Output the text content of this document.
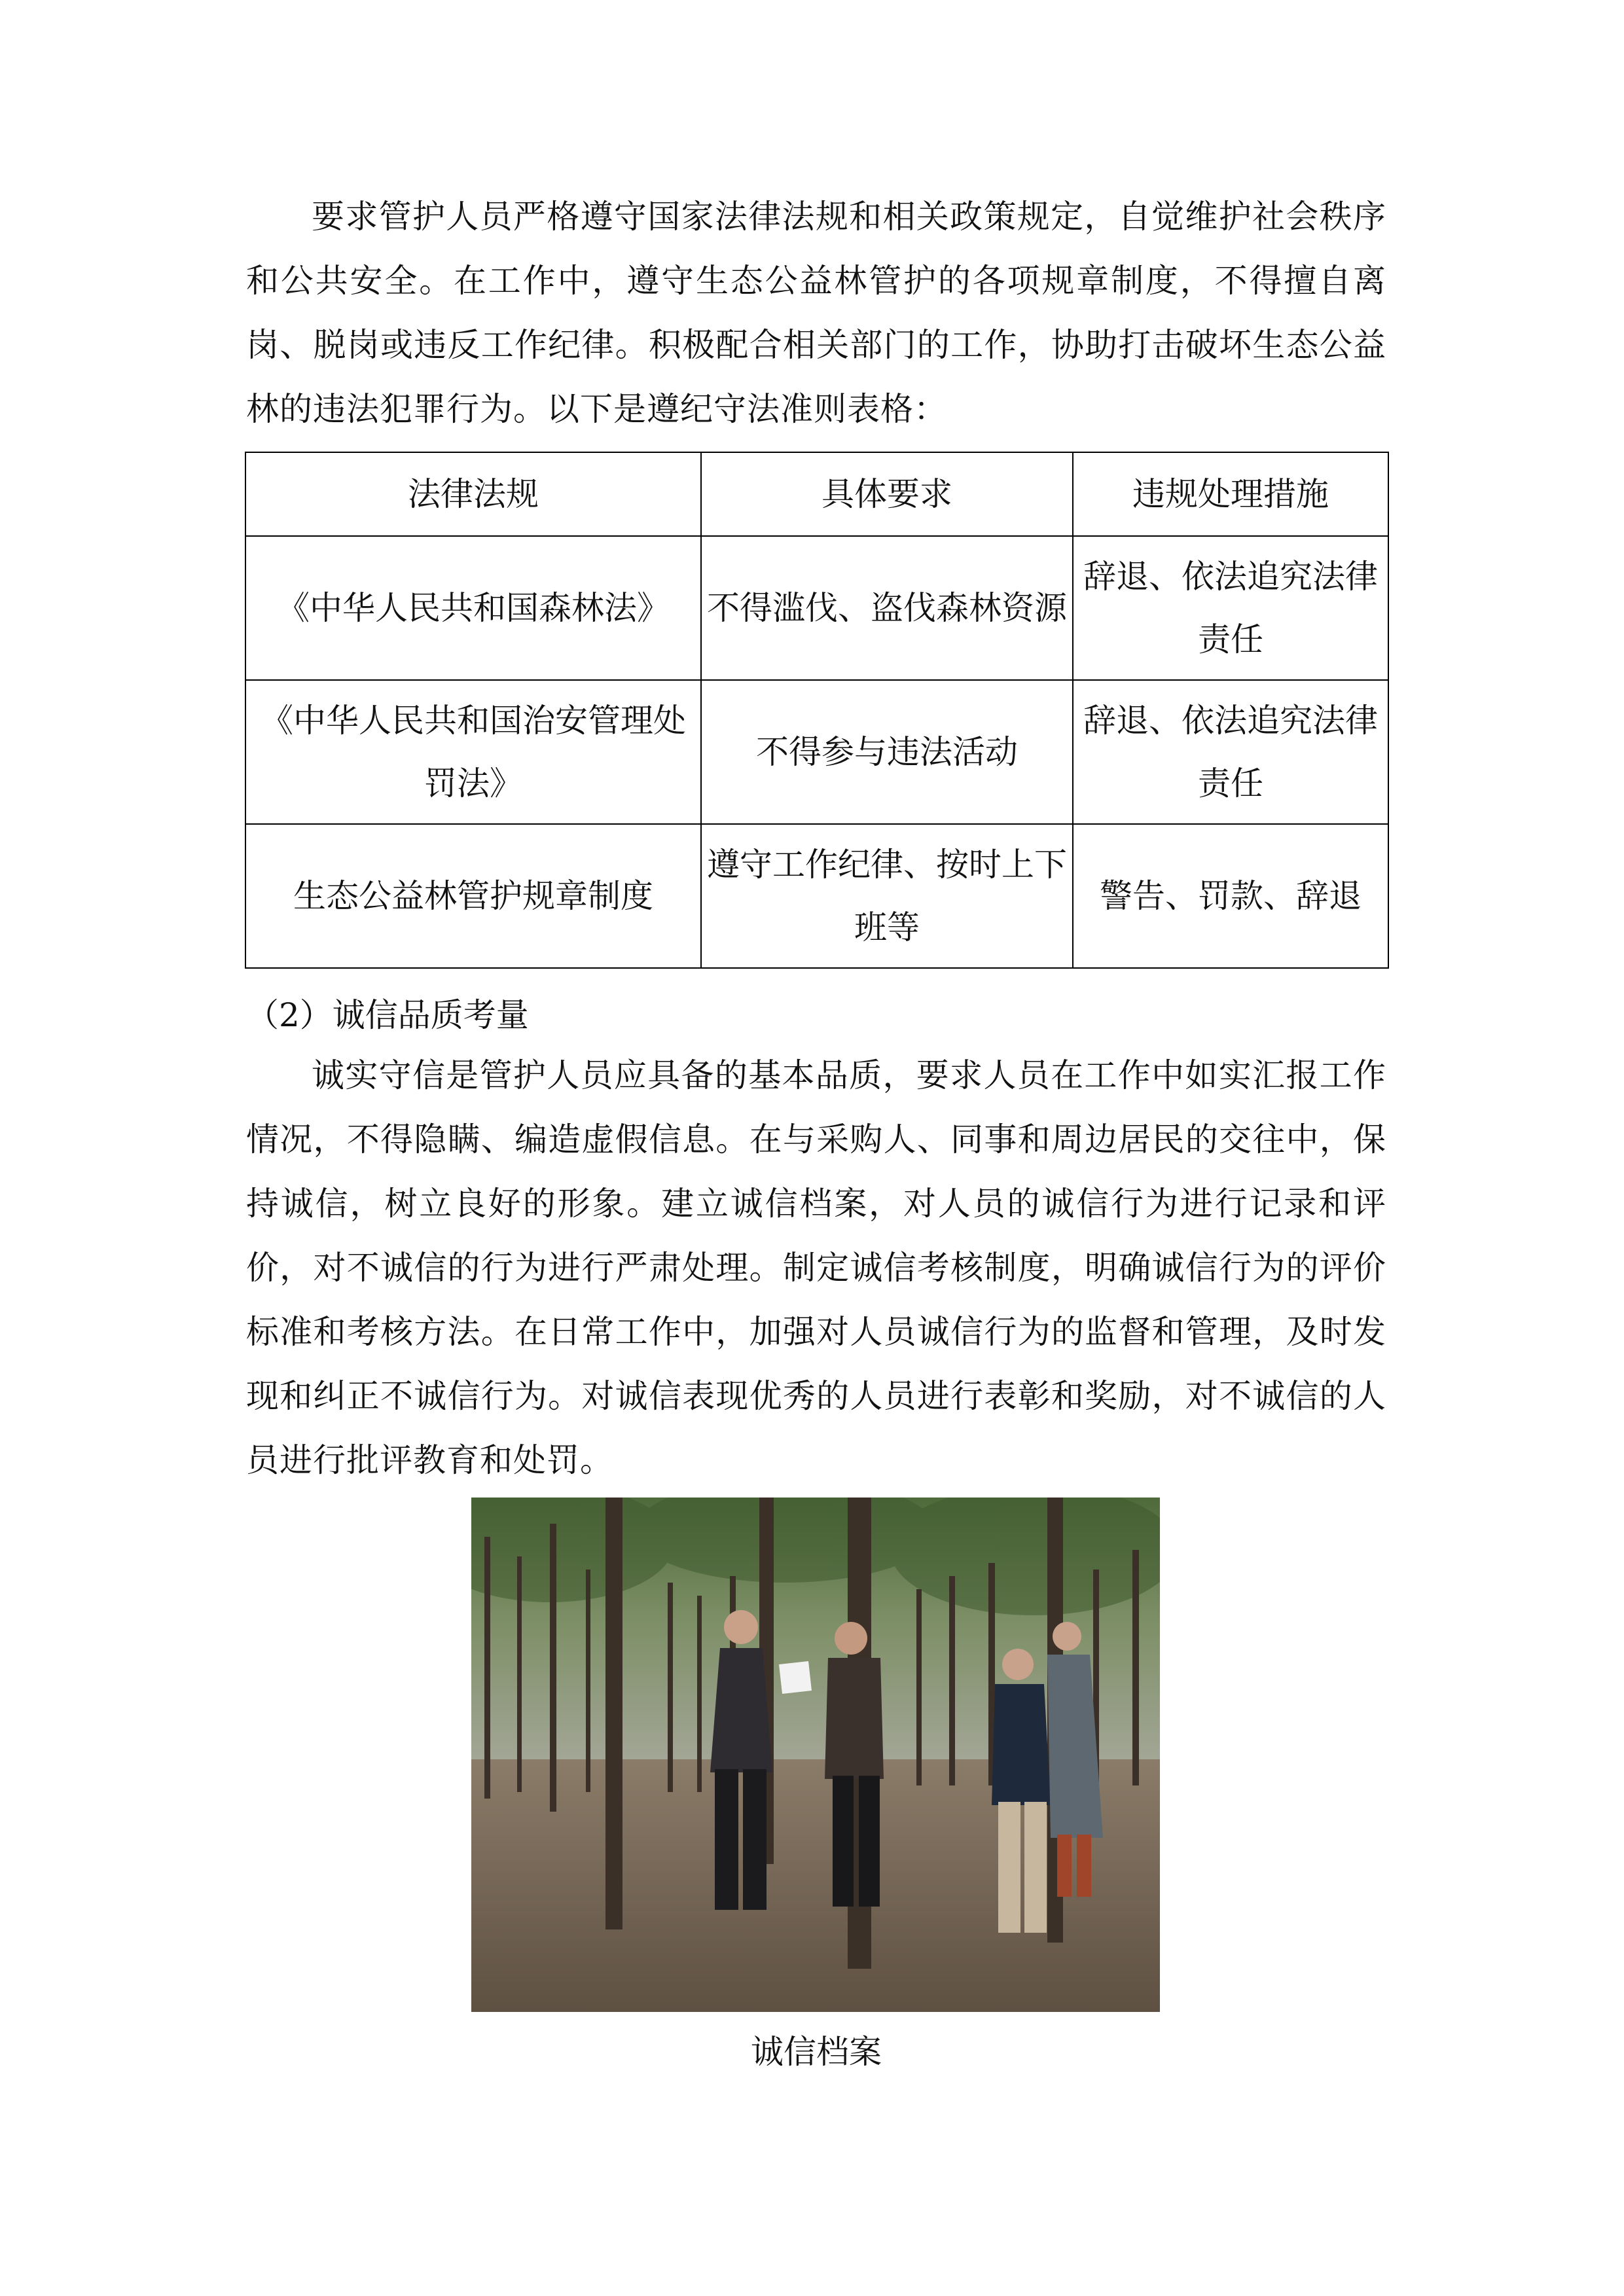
要求管护人员严格遵守国家法律法规和相关政策规定，自觉维护社会秩序和公共安全。在工作中，遵守生态公益林管护的各项规章制度，不得擅自离岗、脱岗或违反工作纪律。积极配合相关部门的工作，协助打击破坏生态公益林的违法犯罪行为。以下是遵纪守法准则表格：

法律法规	具体要求	违规处理措施
《中华人民共和国森林法》	不得滥伐、盗伐森林资源	辞退、依法追究法律责任
《中华人民共和国治安管理处罚法》	不得参与违法活动	辞退、依法追究法律责任
生态公益林管护规章制度	遵守工作纪律、按时上下班等	警告、罚款、辞退

（2）诚信品质考量

诚实守信是管护人员应具备的基本品质，要求人员在工作中如实汇报工作情况，不得隐瞒、编造虚假信息。在与采购人、同事和周边居民的交往中，保持诚信，树立良好的形象。建立诚信档案，对人员的诚信行为进行记录和评价，对不诚信的行为进行严肃处理。制定诚信考核制度，明确诚信行为的评价标准和考核方法。在日常工作中，加强对人员诚信行为的监督和管理，及时发现和纠正不诚信行为。对诚信表现优秀的人员进行表彰和奖励，对不诚信的人员进行批评教育和处罚。

诚信档案
